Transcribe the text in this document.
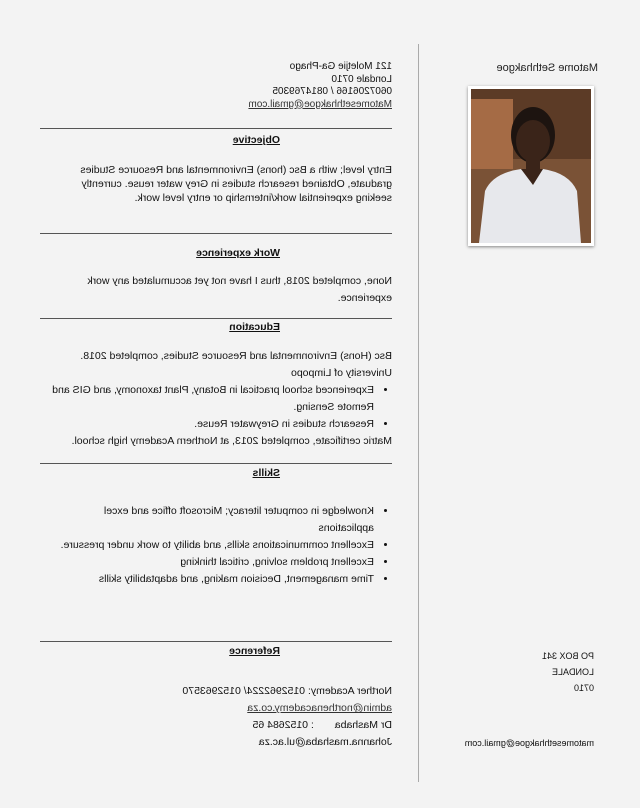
Matome Sethhakgoe
PO BOX 341
LONDALE
0710
matomesethhakgoe@gmail.com
121 Moletjie Ga-Phago
Londale 0710
0607206166 / 0814769305
Matomesethhakgoe@gmail.com
Objective
Entry level; with a Bsc (hons) Environmental and Resource Studies graduate, Obtained research studies in Grey water reuse. currently seeking experiential work/internship or entry level work.
Work experience
None, completed 2018, thus I have not yet accumulated any work experience.
Education
Bsc (Hons) Environmental and Resource Studies, completed 2018. University of Limpopo
• Experienced school practical in Botany, Plant taxonomy, and GIS and Remote Sensing.
• Research studies in Greywater Reuse.
Matric certificate, completed 2013, at Northern Academy high school.
Skills
• Knowledge in computer literacy; Microsoft office and excel applications
• Excellent communications skills, and ability to work under pressure.
• Excellent problem solving, critical thinking
• Time management, Decision making, and adaptability skills
Reference
Norther Academy: 0152962224/ 0152963570
admin@northenacademy.co.za
Dr Mashaba : 0152684 65
Johanna.mashaba@ul.ac.za
